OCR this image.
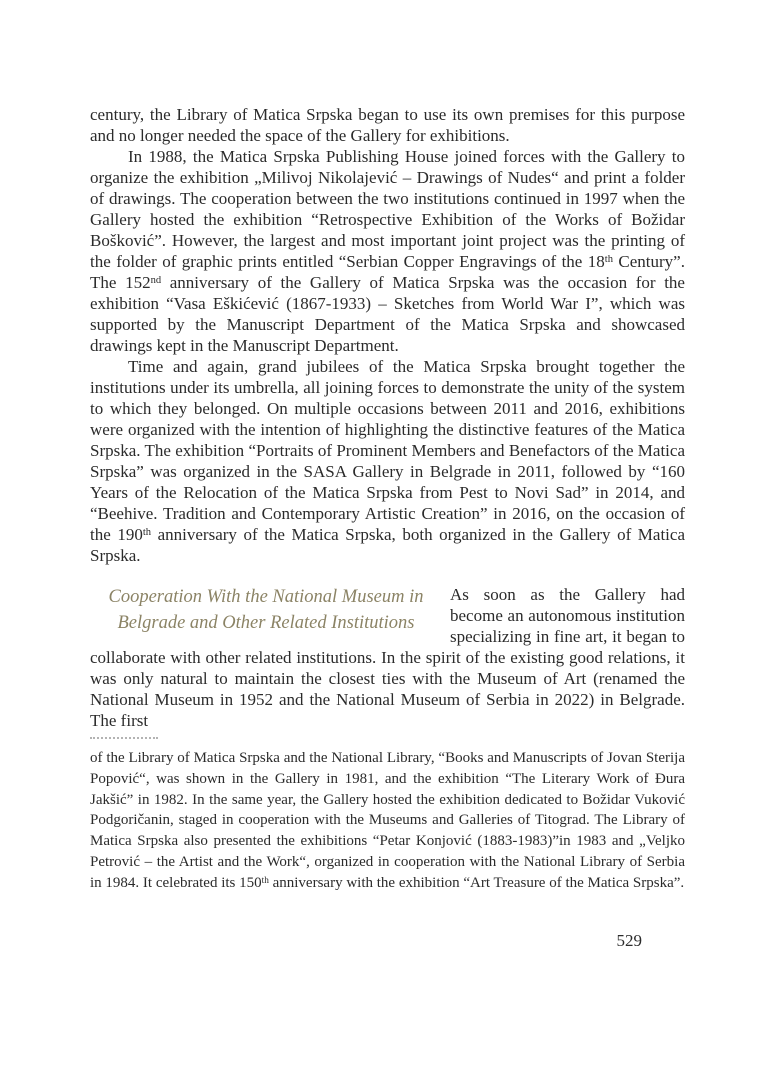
century, the Library of Matica Srpska began to use its own premises for this purpose and no longer needed the space of the Gallery for exhibitions.

In 1988, the Matica Srpska Publishing House joined forces with the Gallery to organize the exhibition „Milivoj Nikolajević – Drawings of Nudes“ and print a folder of drawings. The cooperation between the two institutions continued in 1997 when the Gallery hosted the exhibition “Retrospective Exhibition of the Works of Božidar Bošković”. However, the largest and most important joint project was the printing of the folder of graphic prints entitled “Serbian Copper Engravings of the 18th Century”. The 152nd anniversary of the Gallery of Matica Srpska was the occasion for the exhibition “Vasa Eškićević (1867-1933) – Sketches from World War I”, which was supported by the Manuscript Department of the Matica Srpska and showcased drawings kept in the Manuscript Department.

Time and again, grand jubilees of the Matica Srpska brought together the institutions under its umbrella, all joining forces to demonstrate the unity of the system to which they belonged. On multiple occasions between 2011 and 2016, exhibitions were organized with the intention of highlighting the distinctive features of the Matica Srpska. The exhibition “Portraits of Prominent Members and Benefactors of the Matica Srpska” was organized in the SASA Gallery in Belgrade in 2011, followed by “160 Years of the Relocation of the Matica Srpska from Pest to Novi Sad” in 2014, and “Beehive. Tradition and Contemporary Artistic Creation” in 2016, on the occasion of the 190th anniversary of the Matica Srpska, both organized in the Gallery of Matica Srpska.

Cooperation With the National Museum in
Belgrade and Other Related Institutions

As soon as the Gallery had become an autonomous institution specializing in fine art, it began to collaborate with other related institutions. In the spirit of the existing good relations, it was only natural to maintain the closest ties with the Museum of Art (renamed the National Museum in 1952 and the National Museum of Serbia in 2022) in Belgrade. The first

of the Library of Matica Srpska and the National Library, “Books and Manuscripts of Jovan Sterija Popović“, was shown in the Gallery in 1981, and the exhibition “The Literary Work of Đura Jakšić” in 1982. In the same year, the Gallery hosted the exhibition dedicated to Božidar Vuković Podgoričanin, staged in cooperation with the Museums and Galleries of Titograd. The Library of Matica Srpska also presented the exhibitions “Petar Konjović (1883-1983)”in 1983 and „Veljko Petrović – the Artist and the Work“, organized in cooperation with the National Library of Serbia in 1984. It celebrated its 150th anniversary with the exhibition “Art Treasure of the Matica Srpska”.

529
